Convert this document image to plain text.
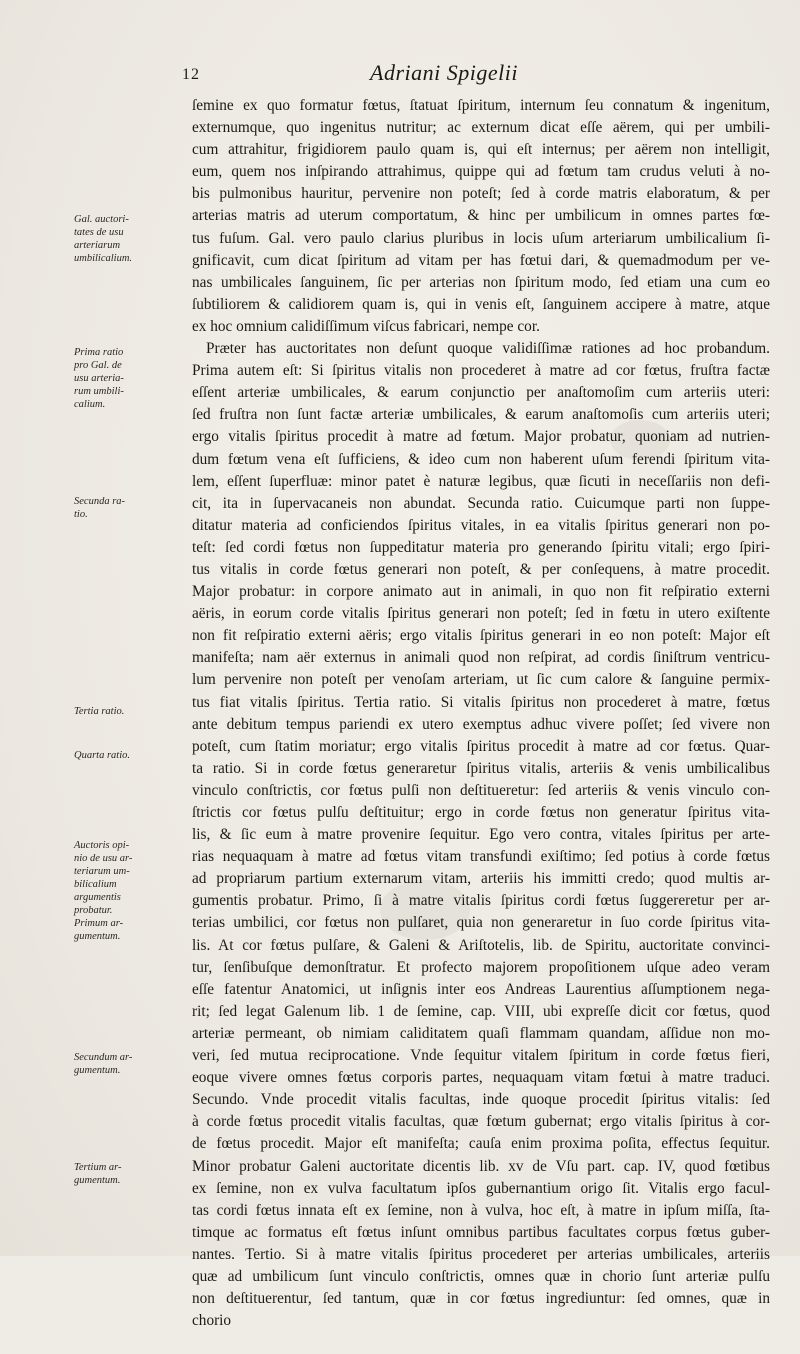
12	Adriani Spigelii
Gal. auctori-
tates de usu
arteriarum
umbilicalium.
Prima ratio
pro Gal. de
usu arteria-
rum umbili-
calium.
Secunda ra-
tio.
Tertia ratio.
Quarta ratio.
Auctoris opi-
nio de usu ar-
teriarum um-
bilicalium
argumentis
probatur.
Primum ar-
gumentum.
Secundum ar-
gumentum.
Tertium ar-
gumentum.
ſemine ex quo formatur fœtus, ſtatuat ſpiritum, internum ſeu connatum & ingenitum,
externumque, quo ingenitus nutritur; ac externum dicat eſſe aërem, qui per umbili-
cum attrahitur, frigidiorem paulo quam is, qui eſt internus; per aërem non intelligit,
eum, quem nos inſpirando attrahimus, quippe qui ad fœtum tam crudus veluti à no-
bis pulmonibus hauritur, pervenire non poteſt; ſed à corde matris elaboratum, & per
arterias matris ad uterum comportatum, & hinc per umbilicum in omnes partes fœ-
tus fuſum. Gal. vero paulo clarius pluribus in locis uſum arteriarum umbilicalium ſi-
gnificavit, cum dicat ſpiritum ad vitam per has fœtui dari, & quemadmodum per ve-
nas umbilicales ſanguinem, ſic per arterias non ſpiritum modo, ſed etiam una cum eo
ſubtiliorem & calidiorem quam is, qui in venis eſt, ſanguinem accipere à matre, atque
ex hoc omnium calidiſſimum viſcus fabricari, nempe cor.
Præter has auctoritates non deſunt quoque validiſſimæ rationes ad hoc probandum.
Prima autem eſt: Si ſpiritus vitalis non procederet à matre ad cor fœtus, fruſtra factæ
eſſent arteriæ umbilicales, & earum conjunctio per anaſtomoſim cum arteriis uteri:
ſed fruſtra non ſunt factæ arteriæ umbilicales, & earum anaſtomoſis cum arteriis uteri;
ergo vitalis ſpiritus procedit à matre ad fœtum. Major probatur, quoniam ad nutrien-
dum fœtum vena eſt ſufficiens, & ideo cum non haberent uſum ferendi ſpiritum vita-
lem, eſſent ſuperfluæ: minor patet è naturæ legibus, quæ ſicuti in neceſſariis non defi-
cit, ita in ſupervacaneis non abundat. Secunda ratio. Cuicumque parti non ſuppe-
ditatur materia ad conficiendos ſpiritus vitales, in ea vitalis ſpiritus generari non po-
teſt: ſed cordi fœtus non ſuppeditatur materia pro generando ſpiritu vitali; ergo ſpiri-
tus vitalis in corde fœtus generari non poteſt, & per conſequens, à matre procedit.
Major probatur: in corpore animato aut in animali, in quo non fit reſpiratio externi
aëris, in eorum corde vitalis ſpiritus generari non poteſt; ſed in fœtu in utero exiſtente
non fit reſpiratio externi aëris; ergo vitalis ſpiritus generari in eo non poteſt: Major eſt
manifeſta; nam aër externus in animali quod non reſpirat, ad cordis ſiniſtrum ventricu-
lum pervenire non poteſt per venoſam arteriam, ut ſic cum calore & ſanguine permix-
tus fiat vitalis ſpiritus. Tertia ratio. Si vitalis ſpiritus non procederet à matre, fœtus
ante debitum tempus pariendi ex utero exemptus adhuc vivere poſſet; ſed vivere non
poteſt, cum ſtatim moriatur; ergo vitalis ſpiritus procedit à matre ad cor fœtus. Quar-
ta ratio. Si in corde fœtus generaretur ſpiritus vitalis, arteriis & venis umbilicalibus
vinculo conſtrictis, cor fœtus pulſi non deſtitueretur: ſed arteriis & venis vinculo con-
ſtrictis cor fœtus pulſu deſtituitur; ergo in corde fœtus non generatur ſpiritus vita-
lis, & ſic eum à matre provenire ſequitur. Ego vero contra, vitales ſpiritus per arte-
rias nequaquam à matre ad fœtus vitam transfundi exiſtimo; ſed potius à corde fœtus
ad propriarum partium externarum vitam, arteriis his immitti credo; quod multis ar-
gumentis probatur. Primo, ſi à matre vitalis ſpiritus cordi fœtus ſuggereretur per ar-
terias umbilici, cor fœtus non pulſaret, quia non generaretur in ſuo corde ſpiritus vita-
lis. At cor fœtus pulſare, & Galeni & Ariſtotelis, lib. de Spiritu, auctoritate convinci-
tur, ſenſibuſque demonſtratur. Et profecto majorem propoſitionem uſque adeo veram
eſſe fatentur Anatomici, ut inſignis inter eos Andreas Laurentius aſſumptionem nega-
rit; ſed legat Galenum lib. 1 de ſemine, cap. VIII, ubi expreſſe dicit cor fœtus, quod
arteriæ permeant, ob nimiam caliditatem quaſi flammam quandam, aſſidue non mo-
veri, ſed mutua reciprocatione. Vnde ſequitur vitalem ſpiritum in corde fœtus fieri,
eoque vivere omnes fœtus corporis partes, nequaquam vitam fœtui à matre traduci.
Secundo. Vnde procedit vitalis facultas, inde quoque procedit ſpiritus vitalis: ſed
à corde fœtus procedit vitalis facultas, quæ fœtum gubernat; ergo vitalis ſpiritus à cor-
de fœtus procedit. Major eſt manifeſta; cauſa enim proxima poſita, effectus ſequitur.
Minor probatur Galeni auctoritate dicentis lib. xv de Vſu part. cap. IV, quod fœtibus
ex ſemine, non ex vulva facultatum ipſos gubernantium origo ſit. Vitalis ergo facul-
tas cordi fœtus innata eſt ex ſemine, non à vulva, hoc eſt, à matre in ipſum miſſa, ſta-
timque ac formatus eſt fœtus inſunt omnibus partibus facultates corpus fœtus guber-
nantes. Tertio. Si à matre vitalis ſpiritus procederet per arterias umbilicales, arteriis
quæ ad umbilicum ſunt vinculo conſtrictis, omnes quæ in chorio ſunt arteriæ pulſu
non deſtituerentur, ſed tantum, quæ in cor fœtus ingrediuntur: ſed omnes, quæ in
chorio
